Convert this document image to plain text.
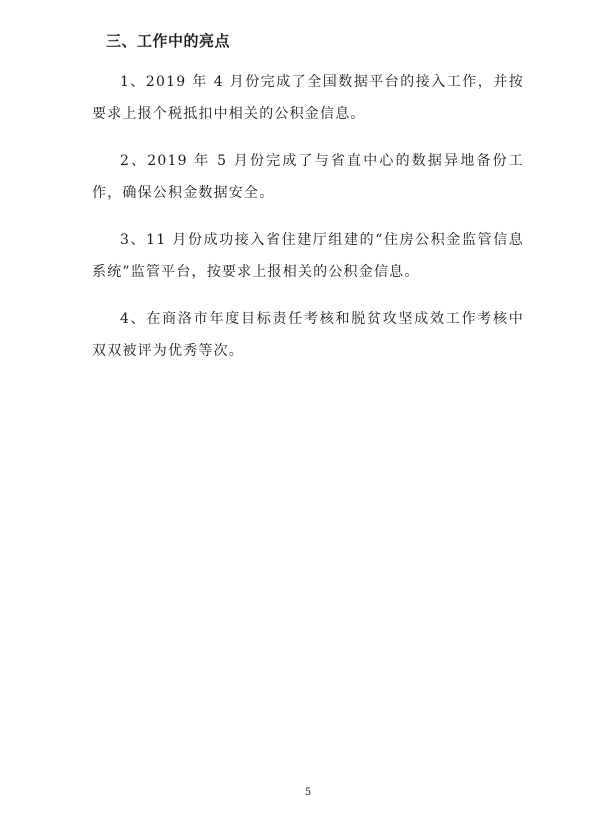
三、工作中的亮点

1、2019 年 4 月份完成了全国数据平台的接入工作，并按要求上报个税抵扣中相关的公积金信息。

2、2019 年 5 月份完成了与省直中心的数据异地备份工作，确保公积金数据安全。

3、11 月份成功接入省住建厅组建的“住房公积金监管信息系统”监管平台，按要求上报相关的公积金信息。

4、在商洛市年度目标责任考核和脱贫攻坚成效工作考核中双双被评为优秀等次。

5
